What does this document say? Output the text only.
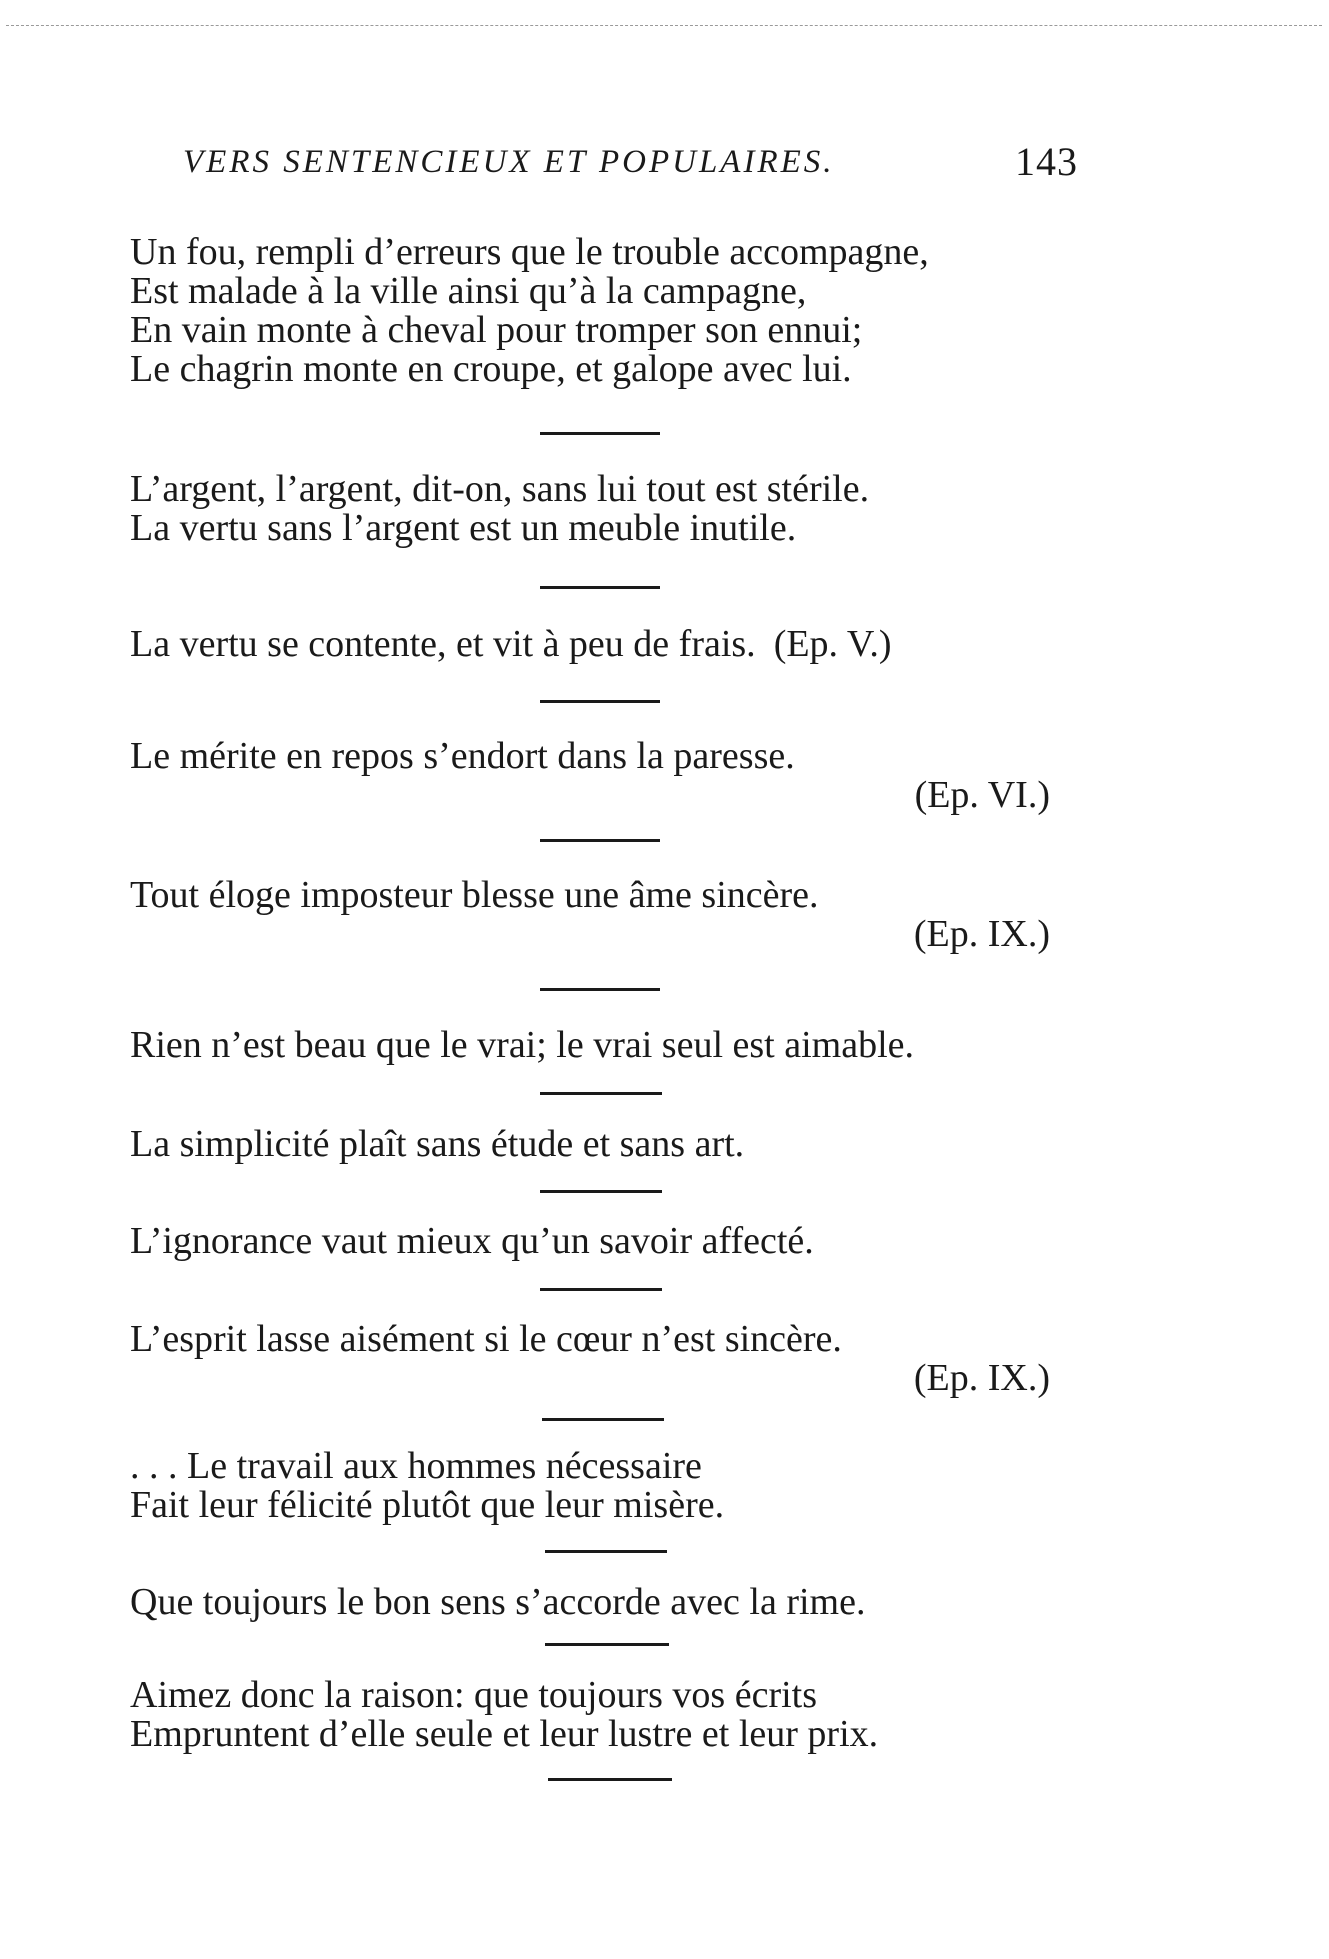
VERS SENTENCIEUX ET POPULAIRES.	143
Un fou, rempli d’erreurs que le trouble accompagne,
Est malade à la ville ainsi qu’à la campagne,
En vain monte à cheval pour tromper son ennui;
Le chagrin monte en croupe, et galope avec lui.
L’argent, l’argent, dit-on, sans lui tout est stérile.
La vertu sans l’argent est un meuble inutile.
La vertu se contente, et vit à peu de frais. (Ep. V.)
Le mérite en repos s’endort dans la paresse.
(Ep. VI.)
Tout éloge imposteur blesse une âme sincère.
(Ep. IX.)
Rien n’est beau que le vrai; le vrai seul est aimable.
La simplicité plaît sans étude et sans art.
L’ignorance vaut mieux qu’un savoir affecté.
L’esprit lasse aisément si le cœur n’est sincère.
(Ep. IX.)
. . . Le travail aux hommes nécessaire
Fait leur félicité plutôt que leur misère.
Que toujours le bon sens s’accorde avec la rime.
Aimez donc la raison: que toujours vos écrits
Empruntent d’elle seule et leur lustre et leur prix.
